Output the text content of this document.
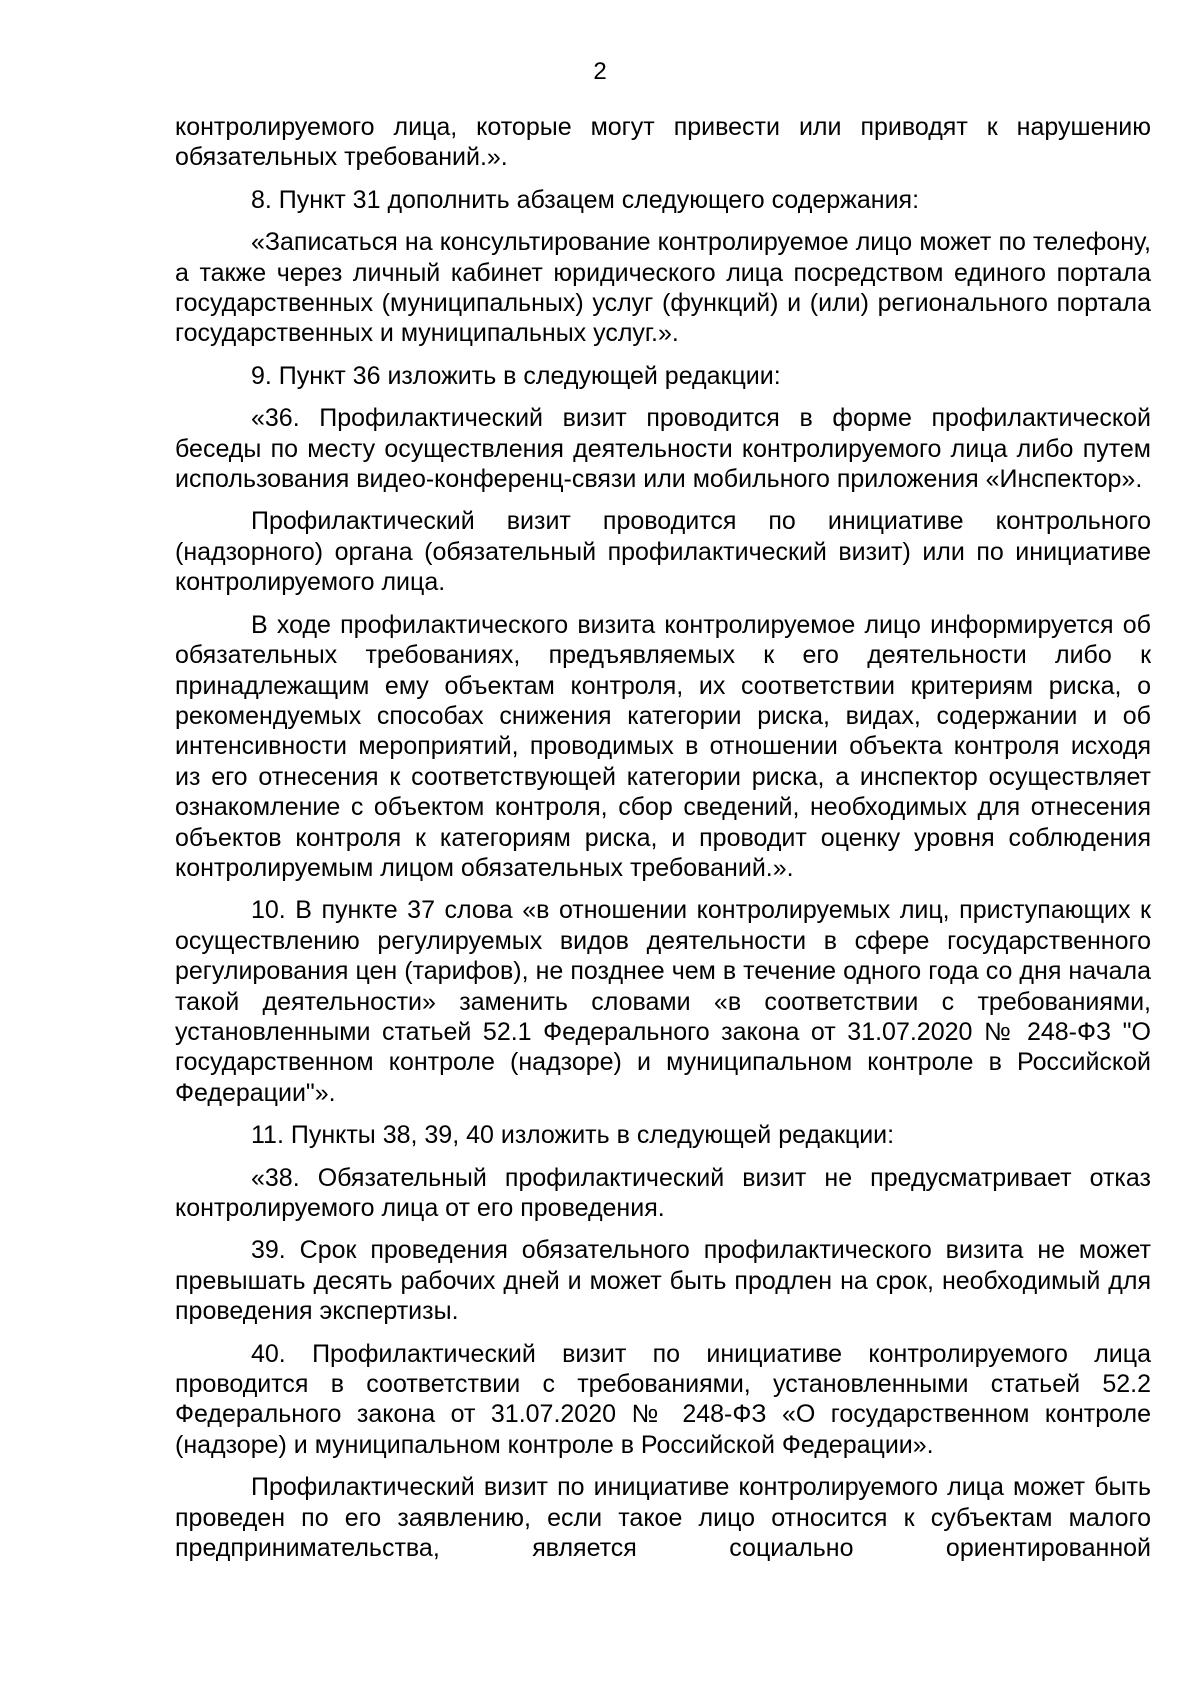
2

контролируемого лица, которые могут привести или приводят к нарушению обязательных требований.».

8. Пункт 31 дополнить абзацем следующего содержания:

«Записаться на консультирование контролируемое лицо может по телефону, а также через личный кабинет юридического лица посредством единого портала государственных (муниципальных) услуг (функций) и (или) регионального портала государственных и муниципальных услуг.».

9. Пункт 36 изложить в следующей редакции:

«36. Профилактический визит проводится в форме профилактической беседы по месту осуществления деятельности контролируемого лица либо путем использования видео-конференц-связи или мобильного приложения «Инспектор».

Профилактический визит проводится по инициативе контрольного (надзорного) органа (обязательный профилактический визит) или по инициативе контролируемого лица.

В ходе профилактического визита контролируемое лицо информируется об обязательных требованиях, предъявляемых к его деятельности либо к принадлежащим ему объектам контроля, их соответствии критериям риска, о рекомендуемых способах снижения категории риска, видах, содержании и об интенсивности мероприятий, проводимых в отношении объекта контроля исходя из его отнесения к соответствующей категории риска, а инспектор осуществляет ознакомление с объектом контроля, сбор сведений, необходимых для отнесения объектов контроля к категориям риска, и проводит оценку уровня соблюдения контролируемым лицом обязательных требований.».

10. В пункте 37 слова «в отношении контролируемых лиц, приступающих к осуществлению регулируемых видов деятельности в сфере государственного регулирования цен (тарифов), не позднее чем в течение одного года со дня начала такой деятельности» заменить словами «в соответствии с требованиями, установленными статьей 52.1 Федерального закона от 31.07.2020 № 248-ФЗ "О государственном контроле (надзоре) и муниципальном контроле в Российской Федерации"».

11. Пункты 38, 39, 40 изложить в следующей редакции:

«38. Обязательный профилактический визит не предусматривает отказ контролируемого лица от его проведения.

39. Срок проведения обязательного профилактического визита не может превышать десять рабочих дней и может быть продлен на срок, необходимый для проведения экспертизы.

40. Профилактический визит по инициативе контролируемого лица проводится в соответствии с требованиями, установленными статьей 52.2 Федерального закона от 31.07.2020 № 248-ФЗ «О государственном контроле (надзоре) и муниципальном контроле в Российской Федерации».

Профилактический визит по инициативе контролируемого лица может быть проведен по его заявлению, если такое лицо относится к субъектам малого предпринимательства, является социально ориентированной
